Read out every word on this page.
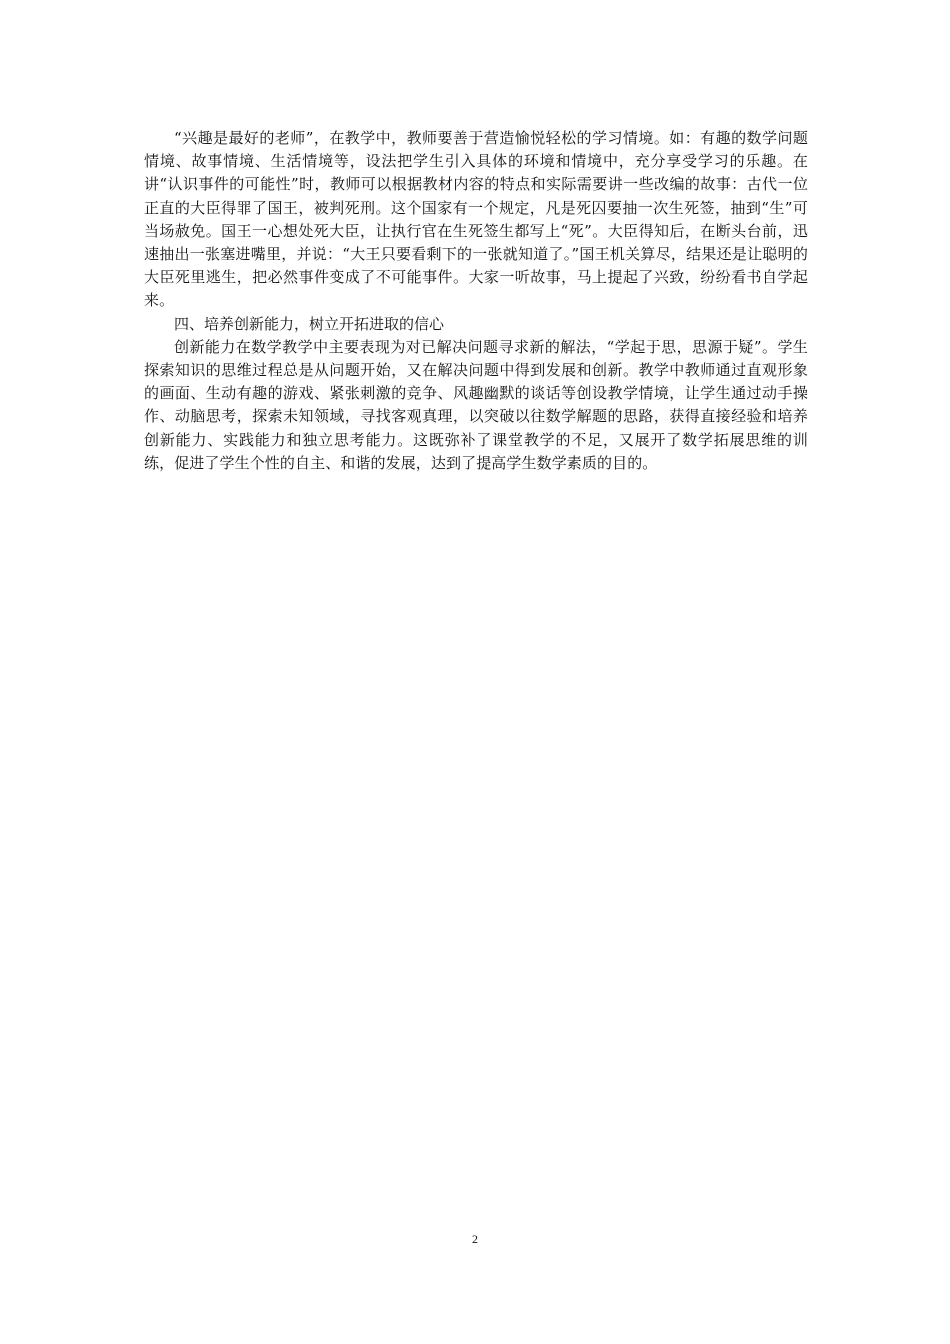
“兴趣是最好的老师”，在教学中，教师要善于营造愉悦轻松的学习情境。如：有趣的数学问题情境、故事情境、生活情境等，设法把学生引入具体的环境和情境中，充分享受学习的乐趣。在讲“认识事件的可能性”时，教师可以根据教材内容的特点和实际需要讲一些改编的故事：古代一位正直的大臣得罪了国王，被判死刑。这个国家有一个规定，凡是死囚要抽一次生死签，抽到“生”可当场赦免。国王一心想处死大臣，让执行官在生死签生都写上“死”。大臣得知后，在断头台前，迅速抽出一张塞进嘴里，并说：“大王只要看剩下的一张就知道了。”国王机关算尽，结果还是让聪明的大臣死里逃生，把必然事件变成了不可能事件。大家一听故事，马上提起了兴致，纷纷看书自学起来。

四、培养创新能力，树立开拓进取的信心

创新能力在数学教学中主要表现为对已解决问题寻求新的解法，“学起于思，思源于疑”。学生探索知识的思维过程总是从问题开始，又在解决问题中得到发展和创新。教学中教师通过直观形象的画面、生动有趣的游戏、紧张刺激的竞争、风趣幽默的谈话等创设教学情境，让学生通过动手操作、动脑思考，探索未知领域，寻找客观真理，以突破以往数学解题的思路，获得直接经验和培养创新能力、实践能力和独立思考能力。这既弥补了课堂教学的不足，又展开了数学拓展思维的训练，促进了学生个性的自主、和谐的发展，达到了提高学生数学素质的目的。

2
